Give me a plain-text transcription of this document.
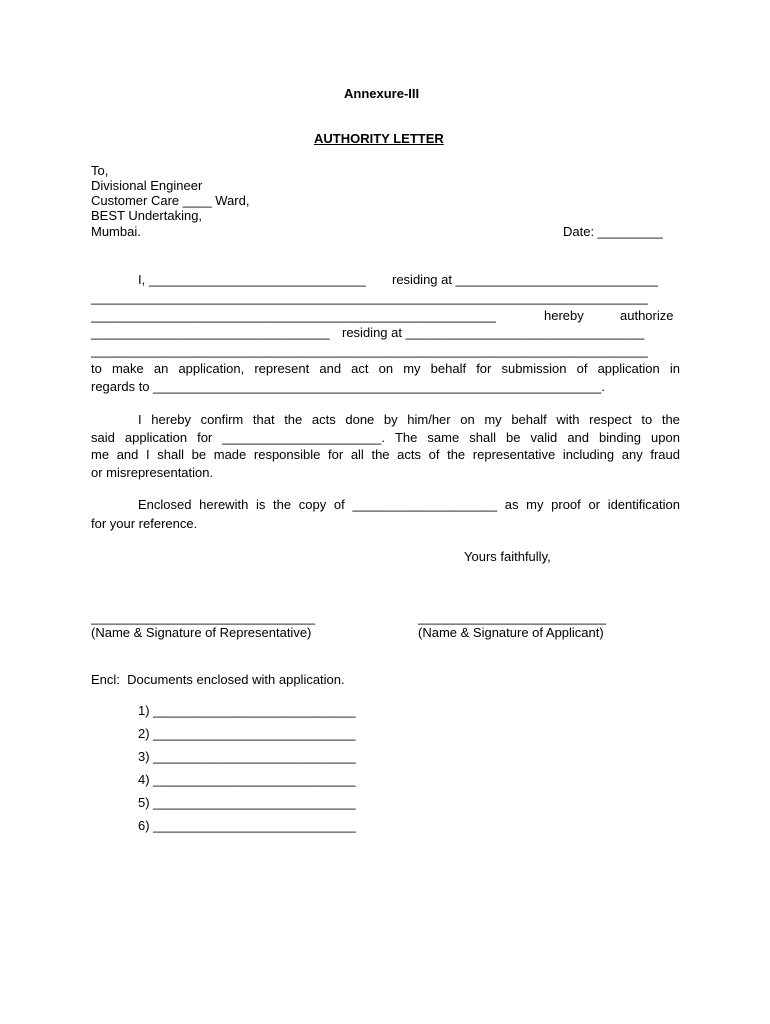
Annexure-III
AUTHORITY LETTER
To,
Divisional Engineer
Customer Care ____ Ward,
BEST Undertaking,
Mumbai.	Date: _________
I, ______________________________ residing at ____________________________
_____________________________________________________________________________
________________________________________________________	hereby	authorize
_________________________________ residing at _________________________________
_____________________________________________________________________________
to make an application, represent and act on my behalf for submission of application in
regards to ______________________________________________________________.
I hereby confirm that the acts done by him/her on my behalf with respect to the
said application for ______________________. The same shall be valid and binding upon
me and I shall be made responsible for all the acts of the representative including any fraud
or misrepresentation.
Enclosed herewith is the copy of ____________________ as my proof or identification
for your reference.
Yours faithfully,
_______________________________
(Name & Signature of Representative)
__________________________
(Name & Signature of Applicant)
Encl:  Documents enclosed with application.
1) ____________________________
2) ____________________________
3) ____________________________
4) ____________________________
5) ____________________________
6) ____________________________
